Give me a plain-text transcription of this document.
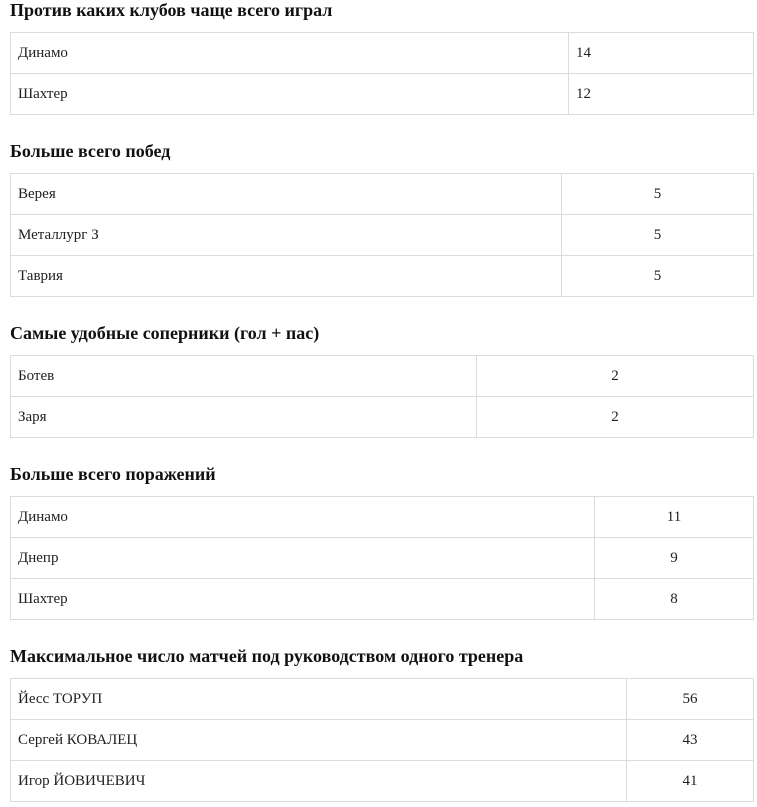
Против каких клубов чаще всего играл
Динамо	14
Шахтер	12
Больше всего побед
Верея	5
Металлург З	5
Таврия	5
Самые удобные соперники (гол + пас)
Ботев	2
Заря	2
Больше всего поражений
Динамо	11
Днепр	9
Шахтер	8
Максимальное число матчей под руководством одного тренера
Йесс ТОРУП	56
Сергей КОВАЛЕЦ	43
Игор ЙОВИЧЕВИЧ	41
